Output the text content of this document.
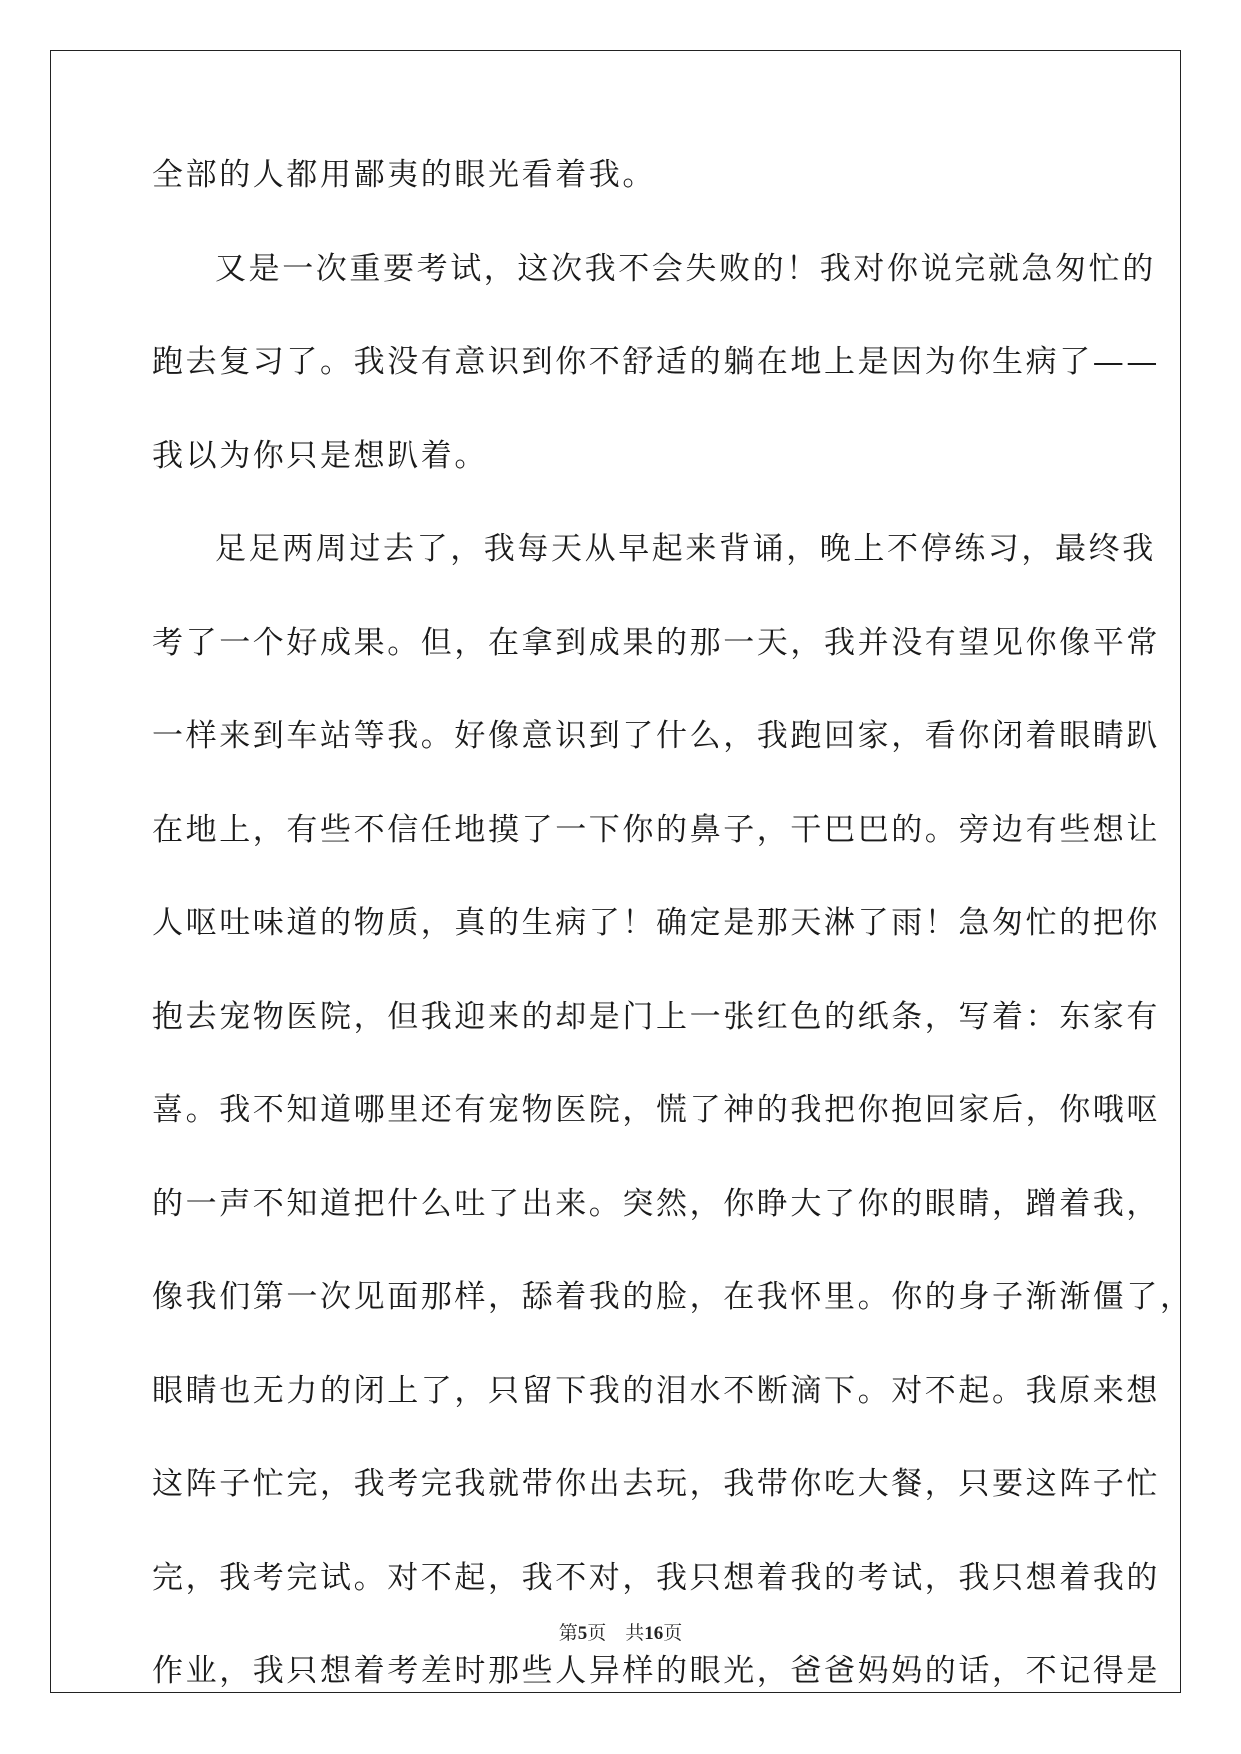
全部的人都用鄙夷的眼光看着我。
又是一次重要考试，这次我不会失败的！我对你说完就急匆忙的
跑去复习了。我没有意识到你不舒适的躺在地上是因为你生病了——
我以为你只是想趴着。
足足两周过去了，我每天从早起来背诵，晚上不停练习，最终我
考了一个好成果。但，在拿到成果的那一天，我并没有望见你像平常
一样来到车站等我。好像意识到了什么，我跑回家，看你闭着眼睛趴
在地上，有些不信任地摸了一下你的鼻子，干巴巴的。旁边有些想让
人呕吐味道的物质，真的生病了！确定是那天淋了雨！急匆忙的把你
抱去宠物医院，但我迎来的却是门上一张红色的纸条，写着：东家有
喜。我不知道哪里还有宠物医院，慌了神的我把你抱回家后，你哦呕
的一声不知道把什么吐了出来。突然，你睁大了你的眼睛，蹭着我，
像我们第一次见面那样，舔着我的脸，在我怀里。你的身子渐渐僵了，
眼睛也无力的闭上了，只留下我的泪水不断滴下。对不起。我原来想
这阵子忙完，我考完我就带你出去玩，我带你吃大餐，只要这阵子忙
完，我考完试。对不起，我不对，我只想着我的考试，我只想着我的
作业，我只想着考差时那些人异样的眼光，爸爸妈妈的话，不记得是
第5页　共16页
